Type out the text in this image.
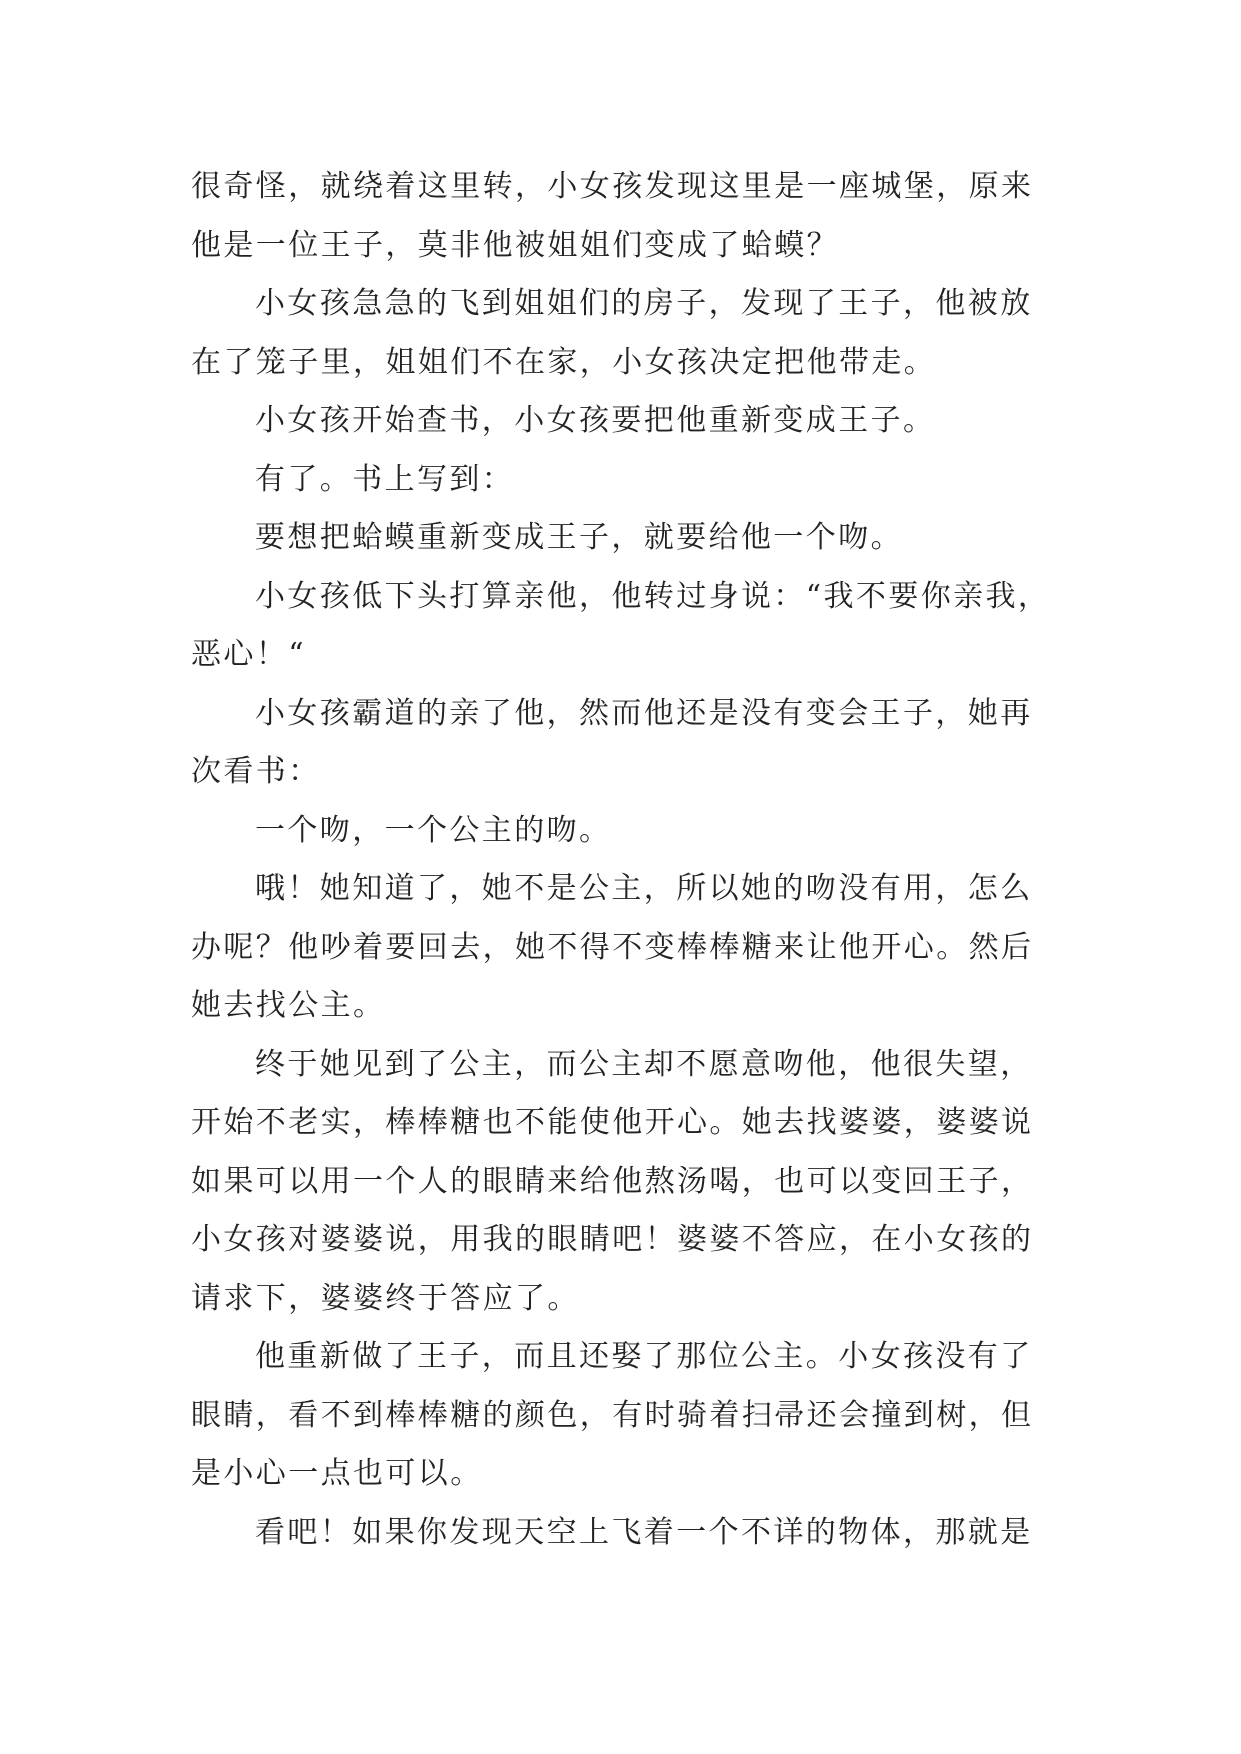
很奇怪，就绕着这里转，小女孩发现这里是一座城堡，原来
他是一位王子，莫非他被姐姐们变成了蛤蟆？

小女孩急急的飞到姐姐们的房子，发现了王子，他被放
在了笼子里，姐姐们不在家，小女孩决定把他带走。

小女孩开始查书，小女孩要把他重新变成王子。

有了。书上写到：

要想把蛤蟆重新变成王子，就要给他一个吻。

小女孩低下头打算亲他，他转过身说：“我不要你亲我，
恶心！“

小女孩霸道的亲了他，然而他还是没有变会王子，她再
次看书：

一个吻，一个公主的吻。

哦！她知道了，她不是公主，所以她的吻没有用，怎么
办呢？他吵着要回去，她不得不变棒棒糖来让他开心。然后
她去找公主。

终于她见到了公主，而公主却不愿意吻他，他很失望，
开始不老实，棒棒糖也不能使他开心。她去找婆婆，婆婆说
如果可以用一个人的眼睛来给他熬汤喝，也可以变回王子，
小女孩对婆婆说，用我的眼睛吧！婆婆不答应，在小女孩的
请求下，婆婆终于答应了。

他重新做了王子，而且还娶了那位公主。小女孩没有了
眼睛，看不到棒棒糖的颜色，有时骑着扫帚还会撞到树，但
是小心一点也可以。

看吧！如果你发现天空上飞着一个不详的物体，那就是
